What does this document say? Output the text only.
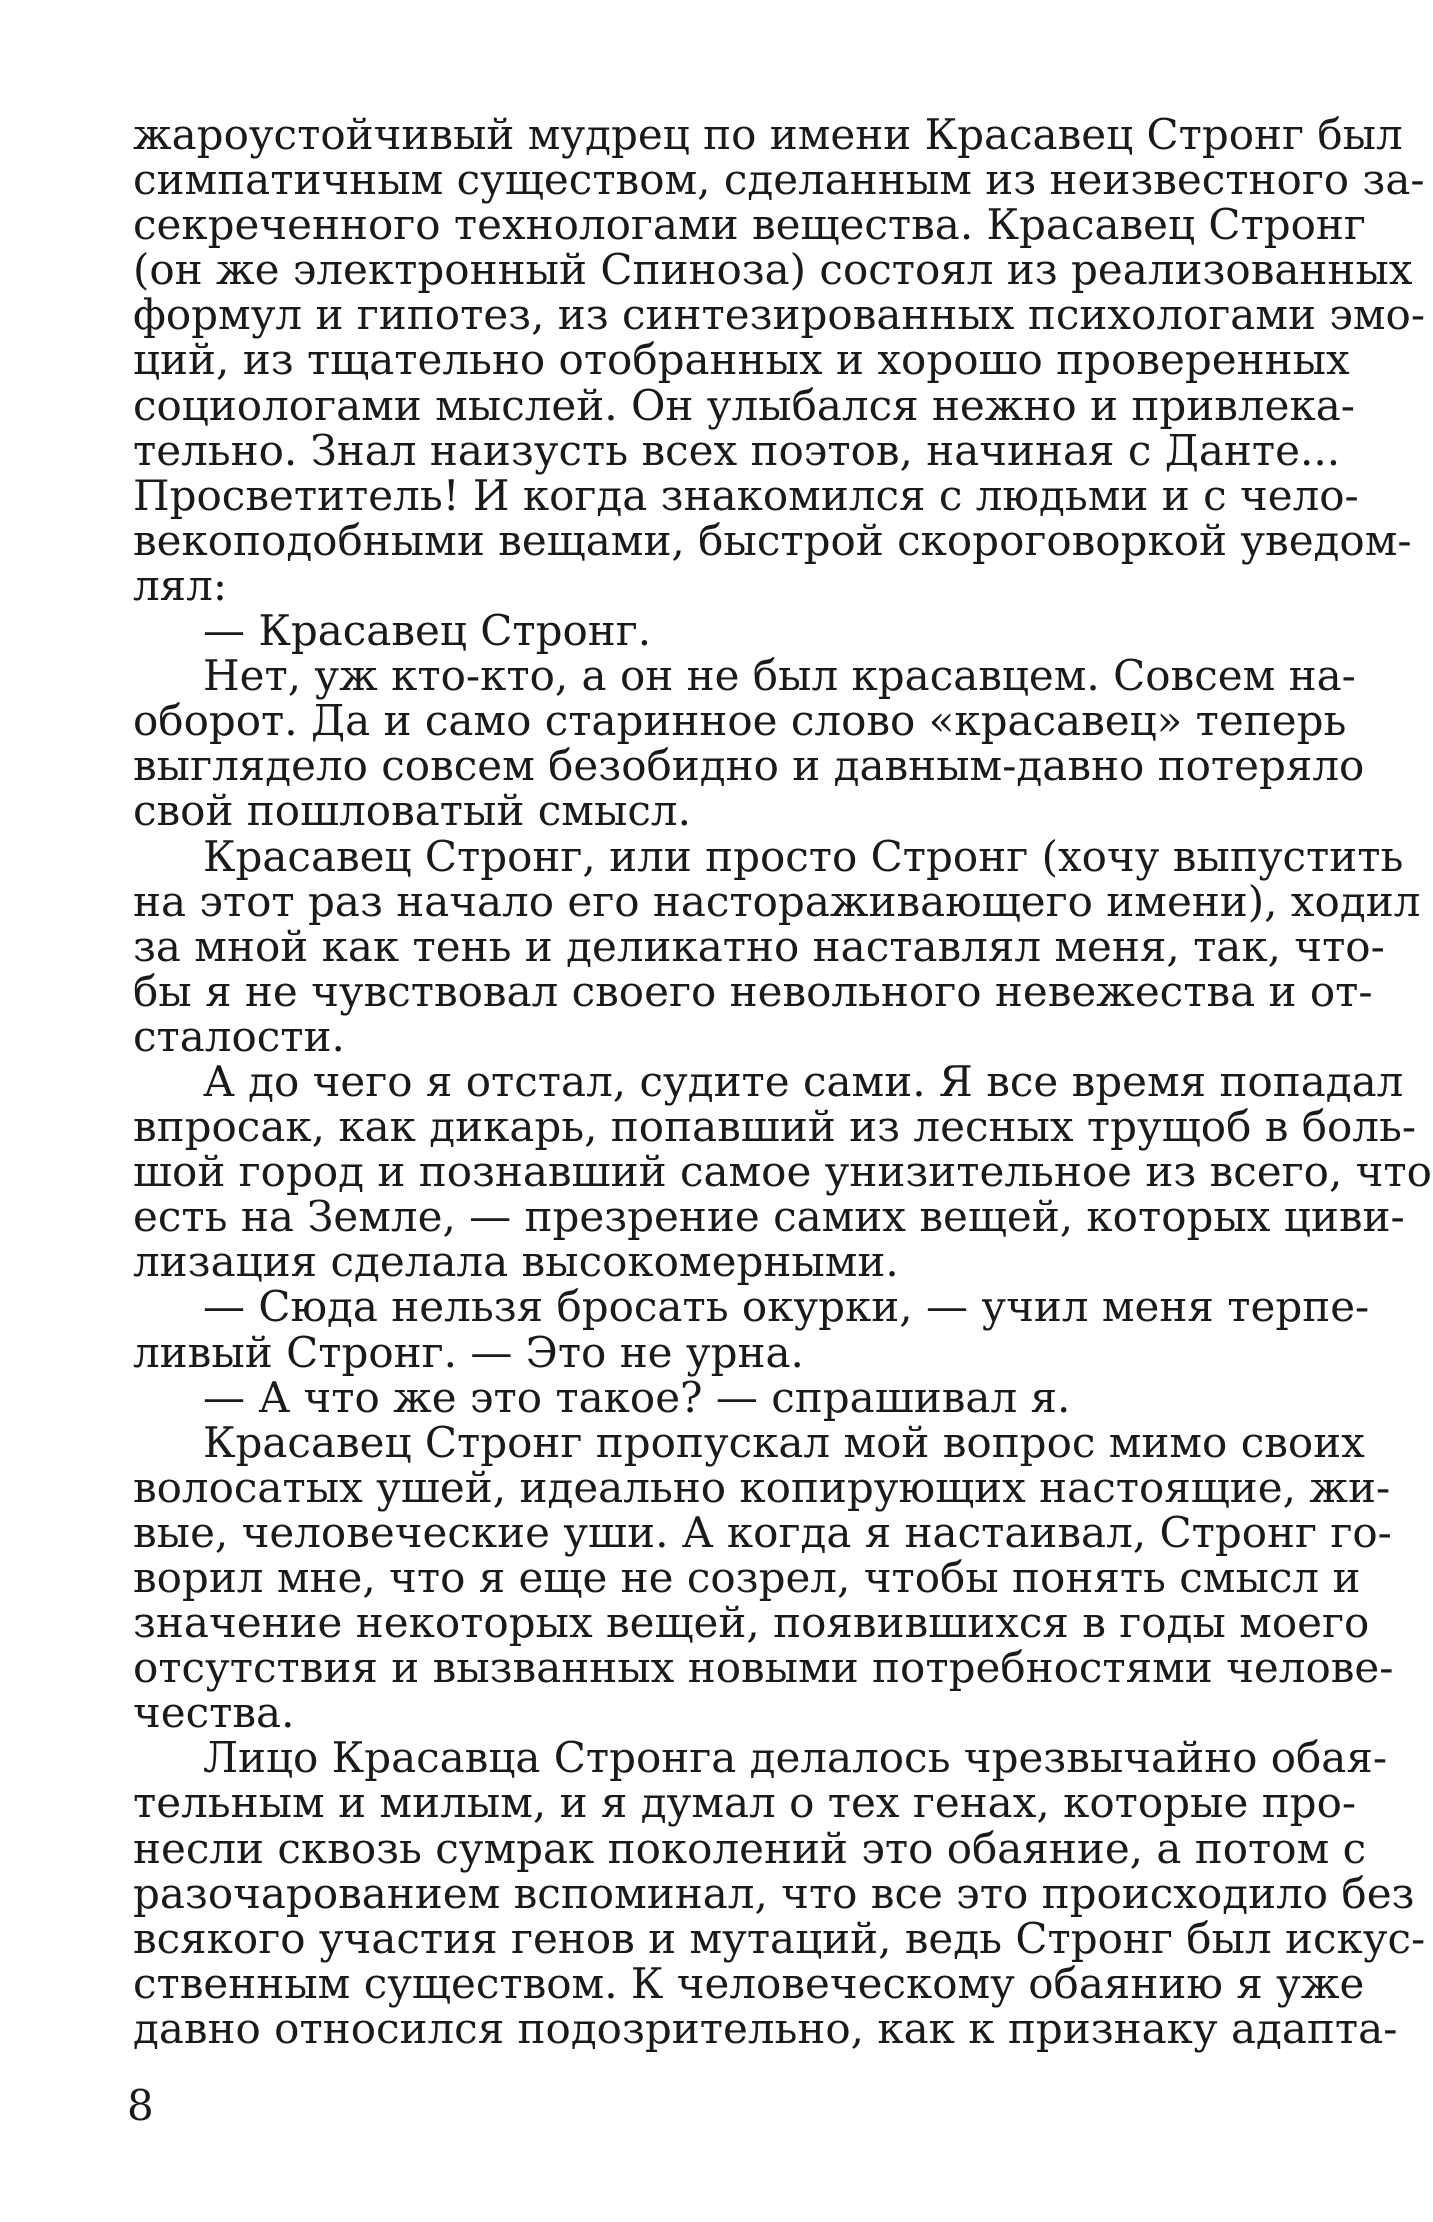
жароустойчивый мудрец по имени Красавец Стронг был
симпатичным существом, сделанным из неизвестного за-
секреченного технологами вещества. Красавец Стронг
(он же электронный Спиноза) состоял из реализованных
формул и гипотез, из синтезированных психологами эмо-
ций, из тщательно отобранных и хорошо проверенных
социологами мыслей. Он улыбался нежно и привлека-
тельно. Знал наизусть всех поэтов, начиная с Данте...
Просветитель! И когда знакомился с людьми и с чело-
векоподобными вещами, быстрой скороговоркой уведом-
лял:
— Красавец Стронг.
Нет, уж кто-кто, а он не был красавцем. Совсем на-
оборот. Да и само старинное слово «красавец» теперь
выглядело совсем безобидно и давным-давно потеряло
свой пошловатый смысл.
Красавец Стронг, или просто Стронг (хочу выпустить
на этот раз начало его настораживающего имени), ходил
за мной как тень и деликатно наставлял меня, так, что-
бы я не чувствовал своего невольного невежества и от-
сталости.
А до чего я отстал, судите сами. Я все время попадал
впросак, как дикарь, попавший из лесных трущоб в боль-
шой город и познавший самое унизительное из всего, что
есть на Земле, — презрение самих вещей, которых циви-
лизация сделала высокомерными.
— Сюда нельзя бросать окурки, — учил меня терпе-
ливый Стронг. — Это не урна.
— А что же это такое? — спрашивал я.
Красавец Стронг пропускал мой вопрос мимо своих
волосатых ушей, идеально копирующих настоящие, жи-
вые, человеческие уши. А когда я настаивал, Стронг го-
ворил мне, что я еще не созрел, чтобы понять смысл и
значение некоторых вещей, появившихся в годы моего
отсутствия и вызванных новыми потребностями челове-
чества.
Лицо Красавца Стронга делалось чрезвычайно обая-
тельным и милым, и я думал о тех генах, которые про-
несли сквозь сумрак поколений это обаяние, а потом с
разочарованием вспоминал, что все это происходило без
всякого участия генов и мутаций, ведь Стронг был искус-
ственным существом. К человеческому обаянию я уже
давно относился подозрительно, как к признаку адапта-
8
